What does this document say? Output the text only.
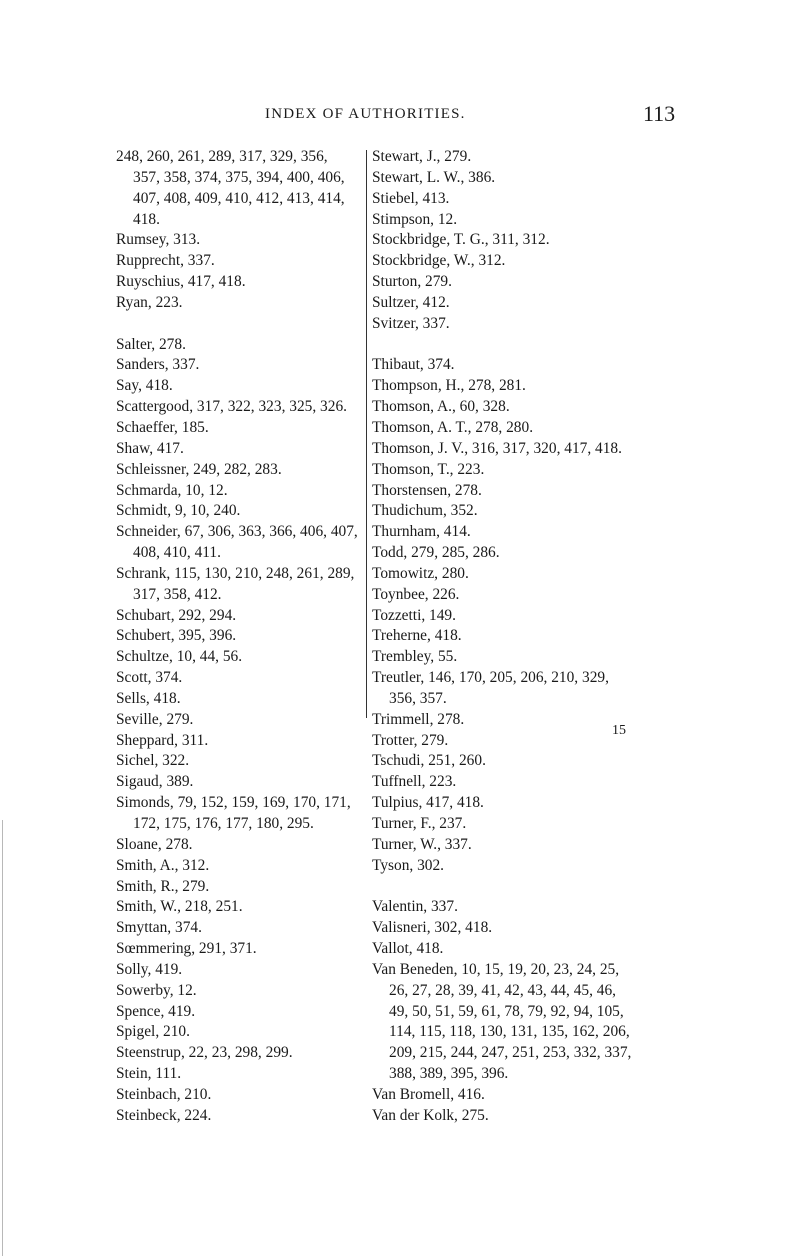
INDEX OF AUTHORITIES.	113
248, 260, 261, 289, 317, 329, 356,
357, 358, 374, 375, 394, 400, 406,
407, 408, 409, 410, 412, 413, 414,
418.
Rumsey, 313.
Rupprecht, 337.
Ruyschius, 417, 418.
Ryan, 223.
Salter, 278.
Sanders, 337.
Say, 418.
Scattergood, 317, 322, 323, 325, 326.
Schaeffer, 185.
Shaw, 417.
Schleissner, 249, 282, 283.
Schmarda, 10, 12.
Schmidt, 9, 10, 240.
Schneider, 67, 306, 363, 366, 406, 407,
408, 410, 411.
Schrank, 115, 130, 210, 248, 261, 289,
317, 358, 412.
Schubart, 292, 294.
Schubert, 395, 396.
Schultze, 10, 44, 56.
Scott, 374.
Sells, 418.
Seville, 279.
Sheppard, 311.
Sichel, 322.
Sigaud, 389.
Simonds, 79, 152, 159, 169, 170, 171,
172, 175, 176, 177, 180, 295.
Sloane, 278.
Smith, A., 312.
Smith, R., 279.
Smith, W., 218, 251.
Smyttan, 374.
Sœmmering, 291, 371.
Solly, 419.
Sowerby, 12.
Spence, 419.
Spigel, 210.
Steenstrup, 22, 23, 298, 299.
Stein, 111.
Steinbach, 210.
Steinbeck, 224.
Stewart, J., 279.
Stewart, L. W., 386.
Stiebel, 413.
Stimpson, 12.
Stockbridge, T. G., 311, 312.
Stockbridge, W., 312.
Sturton, 279.
Sultzer, 412.
Svitzer, 337.
Thibaut, 374.
Thompson, H., 278, 281.
Thomson, A., 60, 328.
Thomson, A. T., 278, 280.
Thomson, J. V., 316, 317, 320, 417, 418.
Thomson, T., 223.
Thorstensen, 278.
Thudichum, 352.
Thurnham, 414.
Todd, 279, 285, 286.
Tomowitz, 280.
Toynbee, 226.
Tozzetti, 149.
Treherne, 418.
Trembley, 55.
Treutler, 146, 170, 205, 206, 210, 329,
356, 357.
Trimmell, 278.
Trotter, 279.
Tschudi, 251, 260.
Tuffnell, 223.
Tulpius, 417, 418.
Turner, F., 237.
Turner, W., 337.
Tyson, 302.
Valentin, 337.
Valisneri, 302, 418.
Vallot, 418.
Van Beneden, 10, 15, 19, 20, 23, 24, 25,
26, 27, 28, 39, 41, 42, 43, 44, 45, 46,
49, 50, 51, 59, 61, 78, 79, 92, 94, 105,
114, 115, 118, 130, 131, 135, 162, 206,
209, 215, 244, 247, 251, 253, 332, 337,
388, 389, 395, 396.
Van Bromell, 416.
Van der Kolk, 275.
15
